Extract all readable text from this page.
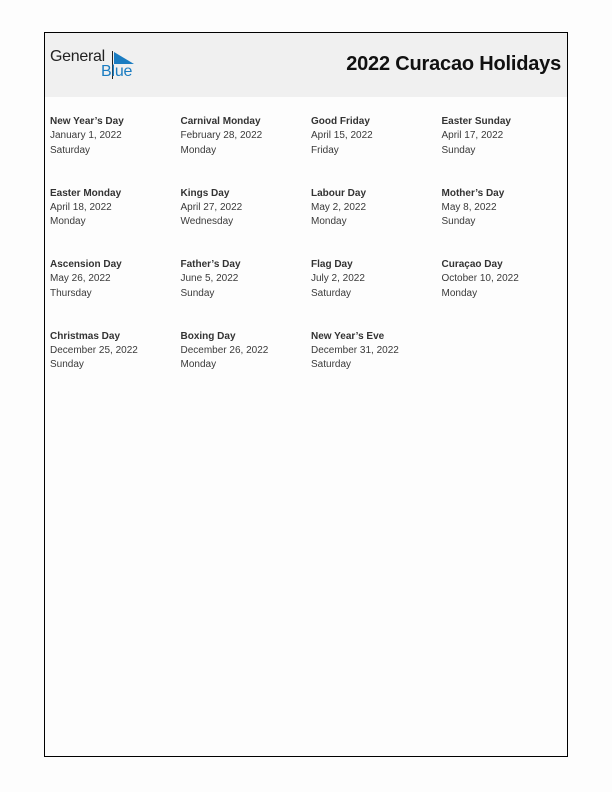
General
Blue	2022 Curacao Holidays
New Year’s Day
January 1, 2022
Saturday
Carnival Monday
February 28, 2022
Monday
Good Friday
April 15, 2022
Friday
Easter Sunday
April 17, 2022
Sunday
Easter Monday
April 18, 2022
Monday
Kings Day
April 27, 2022
Wednesday
Labour Day
May 2, 2022
Monday
Mother’s Day
May 8, 2022
Sunday
Ascension Day
May 26, 2022
Thursday
Father’s Day
June 5, 2022
Sunday
Flag Day
July 2, 2022
Saturday
Curaçao Day
October 10, 2022
Monday
Christmas Day
December 25, 2022
Sunday
Boxing Day
December 26, 2022
Monday
New Year’s Eve
December 31, 2022
Saturday
